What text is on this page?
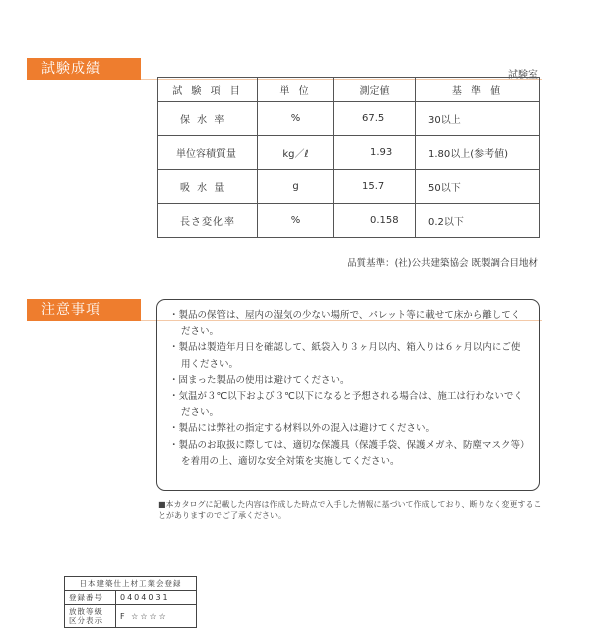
試験成績	試験室
試 験 項 目	単 位	測定値	基 準 値
保 水 率	%	67.5	30以上
単位容積質量	kg／ℓ	1.93	1.80以上(参考値)
吸 水 量	g	15.7	50以下
長さ変化率	%	0.158	0.2以下
品質基準：(社)公共建築協会 既製調合目地材
注意事項	・ 製品の保管は、屋内の湿気の少ない場所で、パレット等に載せて床から離してください。
・ 製品は製造年月日を確認して、紙袋入り３ヶ月以内、箱入りは６ヶ月以内にご使用ください。
・ 固まった製品の使用は避けてください。
・ 気温が３℃以下および３℃以下になると予想される場合は、施工は行わないでください。
・ 製品には弊社の指定する材料以外の混入は避けてください。
・ 製品のお取扱に際しては、適切な保護具（保護手袋、保護メガネ、防塵マスク等）を着用の上、適切な安全対策を実施してください。
■本カタログに記載した内容は作成した時点で入手した情報に基づいて作成しており、断りなく変更することがありますのでご了承ください。
日本建築仕上材工業会登録	
登録番号	0404031
放散等級 区分表示	F ☆☆☆☆
